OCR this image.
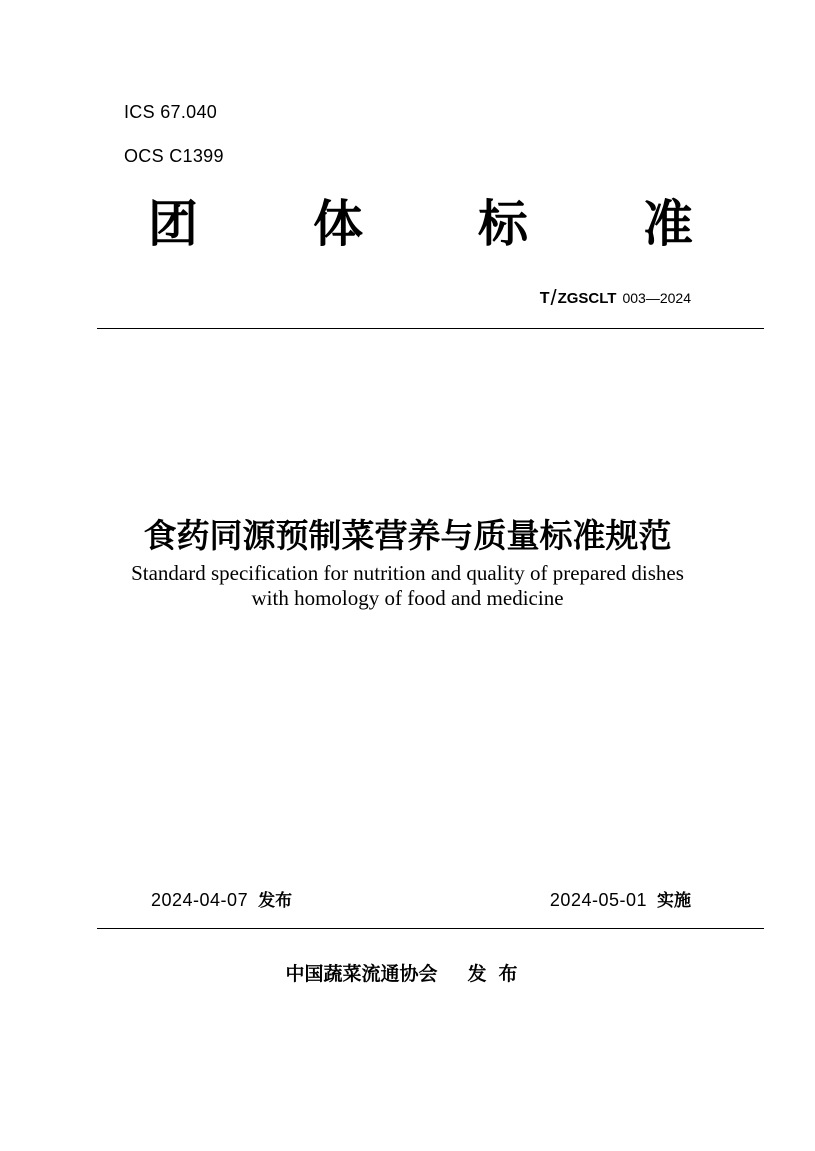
ICS 67.040
OCS C1399
团 体 标 准
T/ZGSCLT 003—2024
食药同源预制菜营养与质量标准规范
Standard specification for nutrition and quality of prepared dishes
with homology of food and medicine
2024-04-07 发布	2024-05-01 实施
中国蔬菜流通协会 发布
